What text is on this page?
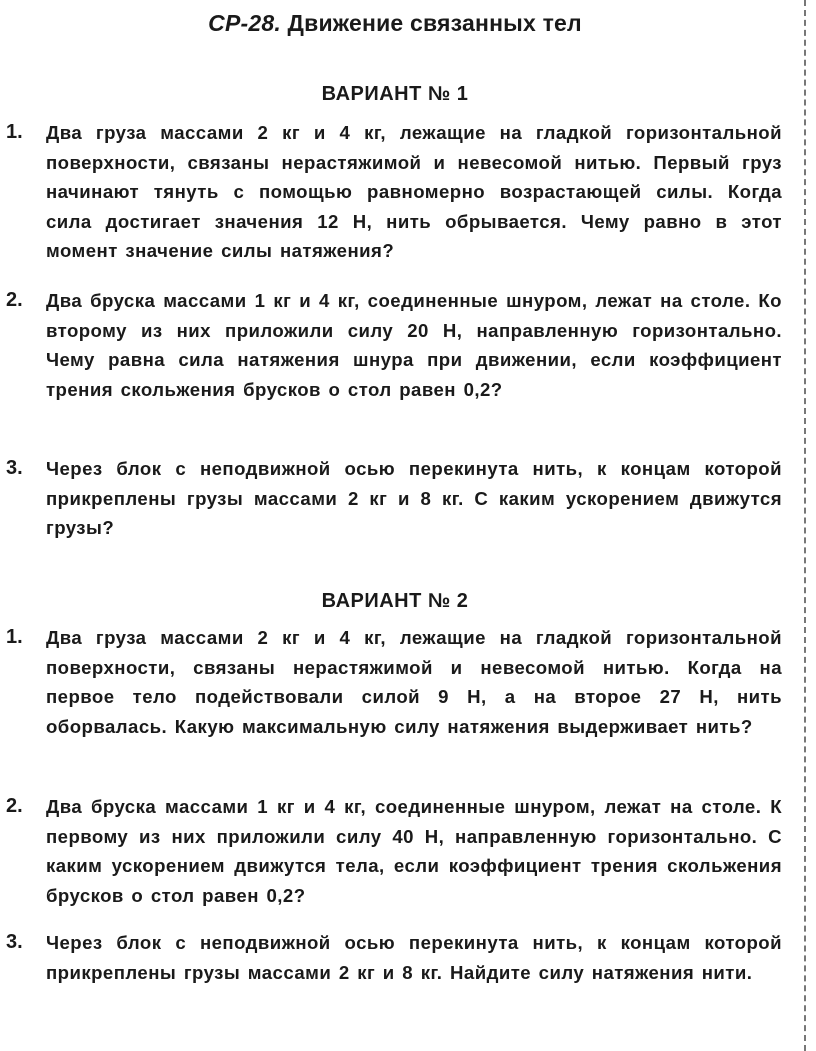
СР-28. Движение связанных тел
ВАРИАНТ № 1
1. Два груза массами 2 кг и 4 кг, лежащие на гладкой горизонтальной поверхности, связаны нерастяжимой и невесомой нитью. Первый груз начинают тянуть с помощью равномерно возрастающей силы. Когда сила достигает значения 12 Н, нить обрывается. Чему равно в этот момент значение силы натяжения?
2. Два бруска массами 1 кг и 4 кг, соединенные шнуром, лежат на столе. Ко второму из них приложили силу 20 Н, направленную горизонтально. Чему равна сила натяжения шнура при движении, если коэффициент трения скольжения брусков о стол равен 0,2?
3. Через блок с неподвижной осью перекинута нить, к концам которой прикреплены грузы массами 2 кг и 8 кг. С каким ускорением движутся грузы?
ВАРИАНТ № 2
1. Два груза массами 2 кг и 4 кг, лежащие на гладкой горизонтальной поверхности, связаны нерастяжимой и невесомой нитью. Когда на первое тело подействовали силой 9 Н, а на второе 27 Н, нить оборвалась. Какую максимальную силу натяжения выдерживает нить?
2. Два бруска массами 1 кг и 4 кг, соединенные шнуром, лежат на столе. К первому из них приложили силу 40 Н, направленную горизонтально. С каким ускорением движутся тела, если коэффициент трения скольжения брусков о стол равен 0,2?
3. Через блок с неподвижной осью перекинута нить, к концам которой прикреплены грузы массами 2 кг и 8 кг. Найдите силу натяжения нити.
